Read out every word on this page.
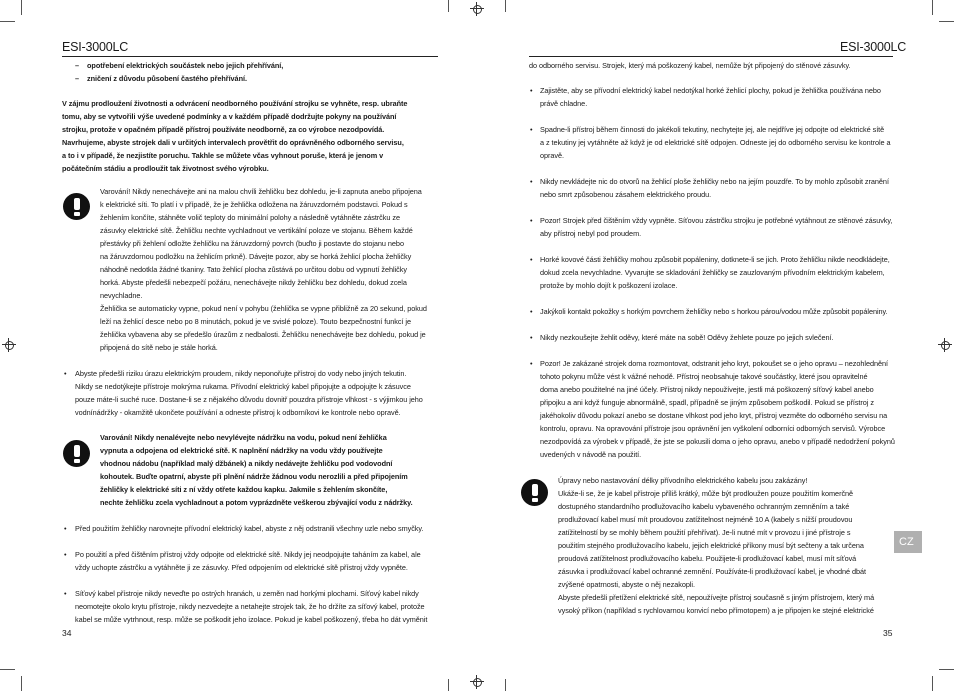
ESI-3000LC
– opotřebení elektrických součástek nebo jejich přehřívání,

– zničení z důvodu působení častého přehřívání.

V zájmu prodloužení životnosti a odvrácení neodborného používání strojku se vyhněte, resp. ubraňte

tomu, aby se vytvořili výše uvedené podmínky a v každém případě dodržujte pokyny na používání

strojku, protože v opačném případě přístroj používáte neodborně, za co výrobce nezodpovídá.

Navrhujeme, abyste strojek dali v určitých intervalech provětřit do oprávněného odborného servisu,

a to i v případě, že nezjistíte poruchu. Takhle se můžete včas vyhnout poruše, která je jenom v

počátečním stádiu a prodloužit tak životnost svého výrobku.

Varování! Nikdy nenechávejte ani na malou chvíli žehličku bez dohledu, je-li zapnuta anebo připojena

k elektrické síti. To platí i v případě, že je žehlička odložena na žáruvzdorném podstavci. Pokud s

žehlením končíte, stáhněte volič teploty do minimální polohy a následně vytáhněte zástrčku ze

zásuvky elektrické sítě. Žehličku nechte vychladnout ve vertikální poloze ve stojanu. Během každé

přestávky při žehlení odložte žehličku na žáruvzdorný povrch (buďto ji postavte do stojanu nebo

na žáruvzdornou podložku na žehlicím prkně). Dávejte pozor, aby se horká žehlicí plocha žehličky

náhodně nedotkla žádné tkaniny. Tato žehlicí plocha zůstává po určitou dobu od vypnutí žehličky

horká. Abyste předešli nebezpečí požáru, nenechávejte nikdy žehličku bez dohledu, dokud zcela

nevychladne.

Žehlička se automaticky vypne, pokud není v pohybu (žehlička se vypne přibližně za 20 sekund, pokud

leží na žehlicí desce nebo po 8 minutách, pokud je ve svislé poloze). Touto bezpečnostní funkcí je

žehlička vybavena aby se předešlo úrazům z nedbalosti. Žehličku nenechávejte bez dohledu, pokud je

připojená do sítě nebo je stále horká.

• Abyste předešli riziku úrazu elektrickým proudem, nikdy neponořujte přístroj do vody nebo jiných tekutin.

Nikdy se nedotýkejte přístroje mokrýma rukama. Přívodní elektrický kabel připojujte a odpojujte k zásuvce

pouze máte-li suché ruce. Dostane-li se z nějakého důvodu dovnitř pouzdra přístroje vlhkost - s výjimkou jeho

vodnínádržky - okamžitě ukončete používání a odneste přístroj k odborníkovi ke kontrole nebo opravě.

Varování! Nikdy nenalévejte nebo nevylévejte nádržku na vodu, pokud není žehlička

vypnuta a odpojena od elektrické sítě. K naplnění nádržky na vodu vždy používejte

vhodnou nádobu (například malý džbánek) a nikdy nedávejte žehličku pod vodovodní

kohoutek. Buďte opatrní, abyste při plnění nádrže žádnou vodu nerozlili a před připojením

žehličky k elektrické síti z ní vždy otřete každou kapku. Jakmile s žehlením skončíte,

nechte žehličku zcela vychladnout a potom vyprázdněte veškerou zbývající vodu z nádržky.

• Před použitím žehličky narovnejte přívodní elektrický kabel, abyste z něj odstranili všechny uzle nebo smyčky.

• Po použití a před čištěním přístroj vždy odpojte od elektrické sítě. Nikdy jej neodpojujte taháním za kabel, ale

vždy uchopte zástrčku a vytáhněte ji ze zásuvky. Před odpojením od elektrické sítě přístroj vždy vypněte.

• Síťový kabel přístroje nikdy neveďte po ostrých hranách, u zeměn nad horkými plochami. Síťový kabel nikdy

neomotejte okolo krytu přístroje, nikdy nezvedejte a netahejte strojek tak, že ho držíte za síťový kabel, protože

kabel se může vytrhnout, resp. může se poškodit jeho izolace. Pokud je kabel poškozený, třeba ho dát vyměnit

34
ESI-3000LC

do odborného servisu. Strojek, který má poškozený kabel, nemůže být připojený do stěnové zásuvky.

• Zajistěte, aby se přívodní elektrický kabel nedotýkal horké žehlicí plochy, pokud je žehlička používána nebo

právě chladne.

• Spadne-li přístroj během činnosti do jakékoli tekutiny, nechytejte jej, ale nejdříve jej odpojte od elektrické sítě

a z tekutiny jej vytáhněte až když je od elektrické sítě odpojen. Odneste jej do odborného servisu ke kontrole a

opravě.

• Nikdy nevkládejte nic do otvorů na žehlicí ploše žehličky nebo na jejím pouzdře. To by mohlo způsobit zranění

nebo smrt způsobenou zásahem elektrického proudu.

• Pozor! Strojek před čištěním vždy vypněte. Síťovou zástrčku strojku je potřebné vytáhnout ze stěnové zásuvky,

aby přístroj nebyl pod proudem.

• Horké kovové části žehličky mohou způsobit popáleniny, dotknete-li se jich. Proto žehličku nikde neodkládejte,

dokud zcela nevychladne. Vyvarujte se skladování žehličky se zauzlovaným přívodním elektrickým kabelem,

protože by mohlo dojít k poškození izolace.

• Jakýkoli kontakt pokožky s horkým povrchem žehličky nebo s horkou párou/vodou může způsobit popáleniny.

• Nikdy nezkoušejte žehlit oděvy, které máte na sobě! Oděvy žehlete pouze po jejich svlečení.

• Pozor! Je zakázané strojek doma rozmontovat, odstranit jeho kryt, pokoušet se o jeho opravu – nezohlednění

tohoto pokynu může vést k vážné nehodě. Přístroj neobsahuje takové součástky, které jsou opravitelné

doma anebo použitelné na jiné účely. Přístroj nikdy nepoužívejte, jestli má poškozený síťový kabel anebo

připojku a ani když funguje abnormálně, spadl, případně se jiným způsobem poškodil. Pokud se přístroj z

jakéhokoliv důvodu pokazí anebo se dostane vlhkost pod jeho kryt, přístroj vezměte do odborného servisu na

kontrolu, opravu. Na opravování přístroje jsou oprávnění jen vyškolení odborníci odborných servisů. Výrobce

nezodpovídá za výrobek v případě, že jste se pokusili doma o jeho opravu, anebo v případě nedodržení pokynů

uvedených v návodě na použití.

Úpravy nebo nastavování délky přívodního elektrického kabelu jsou zakázány!

Ukáže-li se, že je kabel přístroje příliš krátký, může být prodloužen pouze použitím komerčně

dostupného standardního prodlužovacího kabelu vybaveného ochranným zemněním a také

prodlužovací kabel musí mít proudovou zatížitelnost nejméně 10 A (kabely s nižší proudovou

zatížitelností by se mohly během použití přehřívat). Je-li nutné mít v provozu i jiné přístroje s

použitím stejného prodlužovacího kabelu, jejich elektrické příkony musí být sečteny a tak určena

proudová zatížitelnost prodlužovacího kabelu. Použijete-li prodlužovací kabel, musí mít síťová

zásuvka i prodlužovací kabel ochranné zemnění. Používáte-li prodlužovací kabel, je vhodné dbát

zvýšené opatrnosti, abyste o něj nezakopli.

Abyste předešli přetížení elektrické sítě, nepoužívejte přístroj současně s jiným přístrojem, který má

vysoký příkon (například s rychlovarnou konvicí nebo přímotopem) a je připojen ke stejné elektrické

CZ
35
